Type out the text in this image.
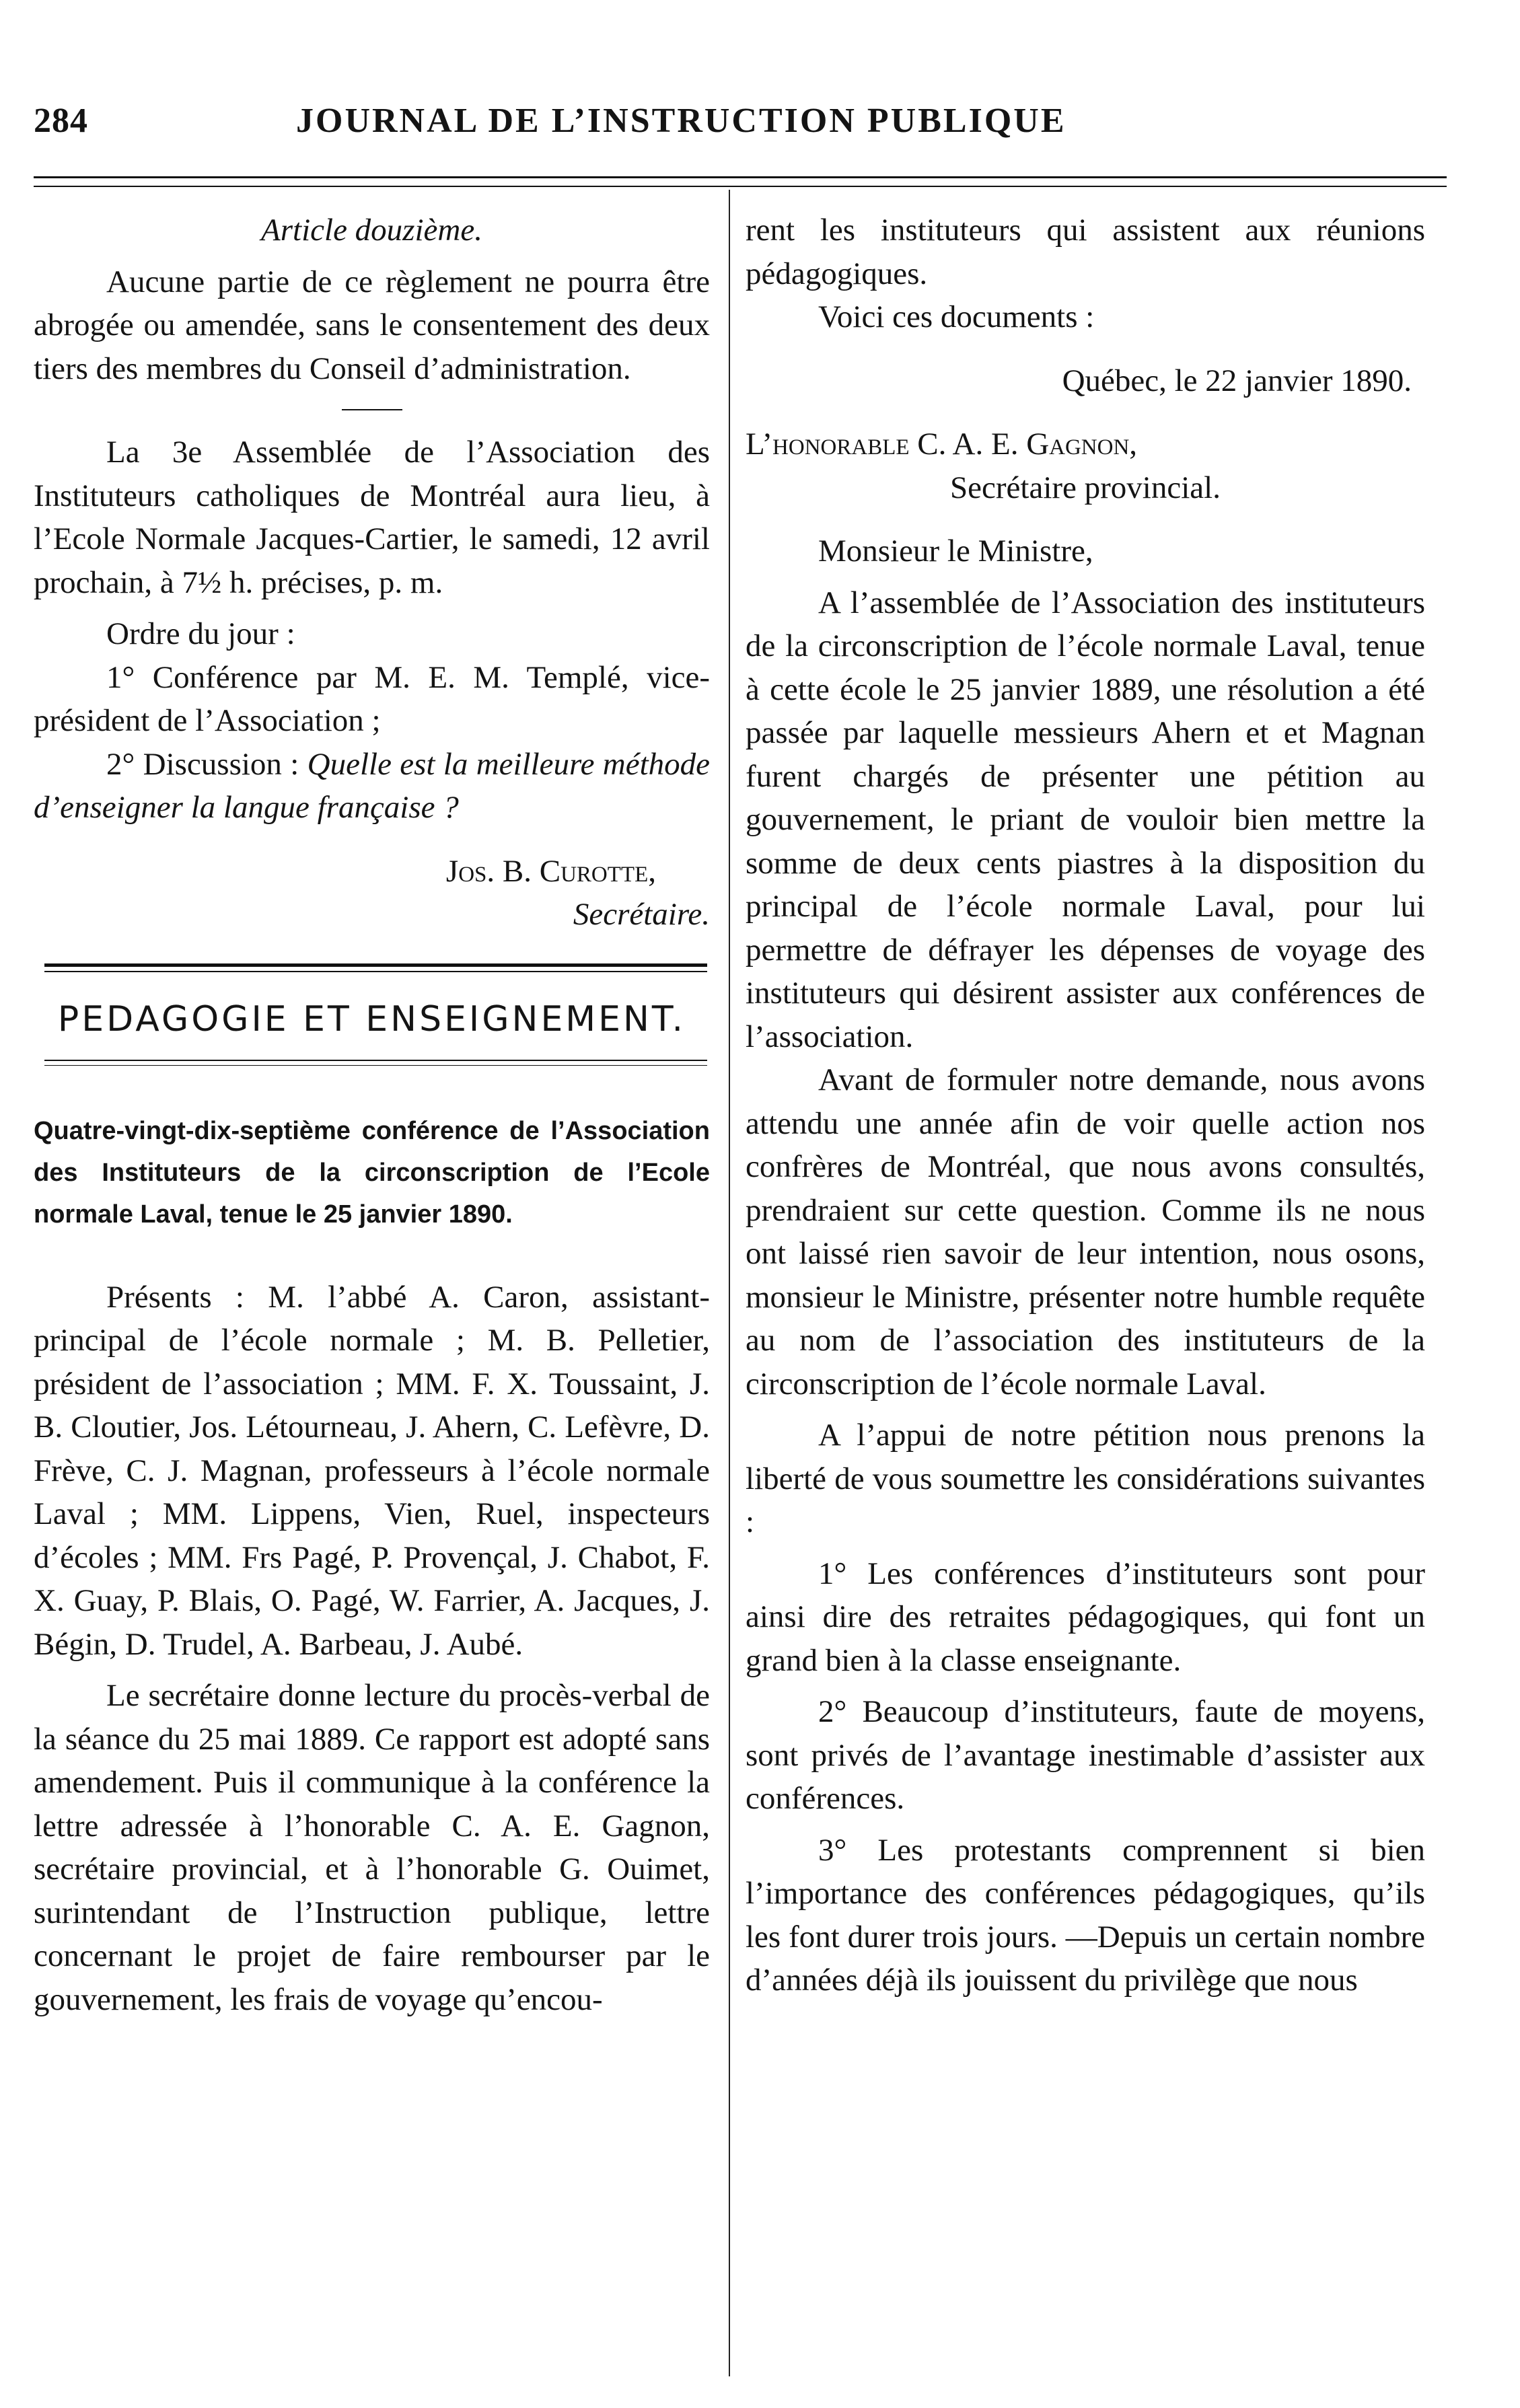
284	JOURNAL DE L’INSTRUCTION PUBLIQUE

Article douzième.

Aucune partie de ce règlement ne pourra être abrogée ou amendée, sans le consentement des deux tiers des membres du Conseil d’administration.

La 3e Assemblée de l’Association des Instituteurs catholiques de Montréal aura lieu, à l’Ecole Normale Jacques-Cartier, le samedi, 12 avril prochain, à 7½ h. précises, p. m.

Ordre du jour :

1° Conférence par M. E. M. Templé, vice-président de l’Association ;

2° Discussion : Quelle est la meilleure méthode d’enseigner la langue française ?

Jos. B. Curotte,

Secrétaire.

PEDAGOGIE ET ENSEIGNEMENT.
Quatre-vingt-dix-septième conférence de l’Association des Instituteurs de la circonscription de l’Ecole normale Laval, tenue le 25 janvier 1890.

Présents : M. l’abbé A. Caron, assistant-principal de l’école normale ; M. B. Pelletier, président de l’association ; MM. F. X. Toussaint, J. B. Cloutier, Jos. Létourneau, J. Ahern, C. Lefèvre, D. Frève, C. J. Magnan, professeurs à l’école normale Laval ; MM. Lippens, Vien, Ruel, inspecteurs d’écoles ; MM. Frs Pagé, P. Provençal, J. Chabot, F. X. Guay, P. Blais, O. Pagé, W. Farrier, A. Jacques, J. Bégin, D. Trudel, A. Barbeau, J. Aubé.

Le secrétaire donne lecture du procès-verbal de la séance du 25 mai 1889. Ce rapport est adopté sans amendement. Puis il communique à la conférence la lettre adressée à l’honorable C. A. E. Gagnon, secrétaire provincial, et à l’honorable G. Ouimet, surintendant de l’Instruction publique, lettre concernant le projet de faire rembourser par le gouvernement, les frais de voyage qu’encou-

rent les instituteurs qui assistent aux réunions pédagogiques.

Voici ces documents :

Québec, le 22 janvier 1890.

L’honorable C. A. E. Gagnon,

Secrétaire provincial.

Monsieur le Ministre,

A l’assemblée de l’Association des instituteurs de la circonscription de l’école normale Laval, tenue à cette école le 25 janvier 1889, une résolution a été passée par laquelle messieurs Ahern et et Magnan furent chargés de présenter une pétition au gouvernement, le priant de vouloir bien mettre la somme de deux cents piastres à la disposition du principal de l’école normale Laval, pour lui permettre de défrayer les dépenses de voyage des instituteurs qui désirent assister aux conférences de l’association.

Avant de formuler notre demande, nous avons attendu une année afin de voir quelle action nos confrères de Montréal, que nous avons consultés, prendraient sur cette question. Comme ils ne nous ont laissé rien savoir de leur intention, nous osons, monsieur le Ministre, présenter notre humble requête au nom de l’association des instituteurs de la circonscription de l’école normale Laval.

A l’appui de notre pétition nous prenons la liberté de vous soumettre les considérations suivantes :

1° Les conférences d’instituteurs sont pour ainsi dire des retraites pédagogiques, qui font un grand bien à la classe enseignante.

2° Beaucoup d’instituteurs, faute de moyens, sont privés de l’avantage inestimable d’assister aux conférences.

3° Les protestants comprennent si bien l’importance des conférences pédagogiques, qu’ils les font durer trois jours. —Depuis un certain nombre d’années déjà ils jouissent du privilège que nous
